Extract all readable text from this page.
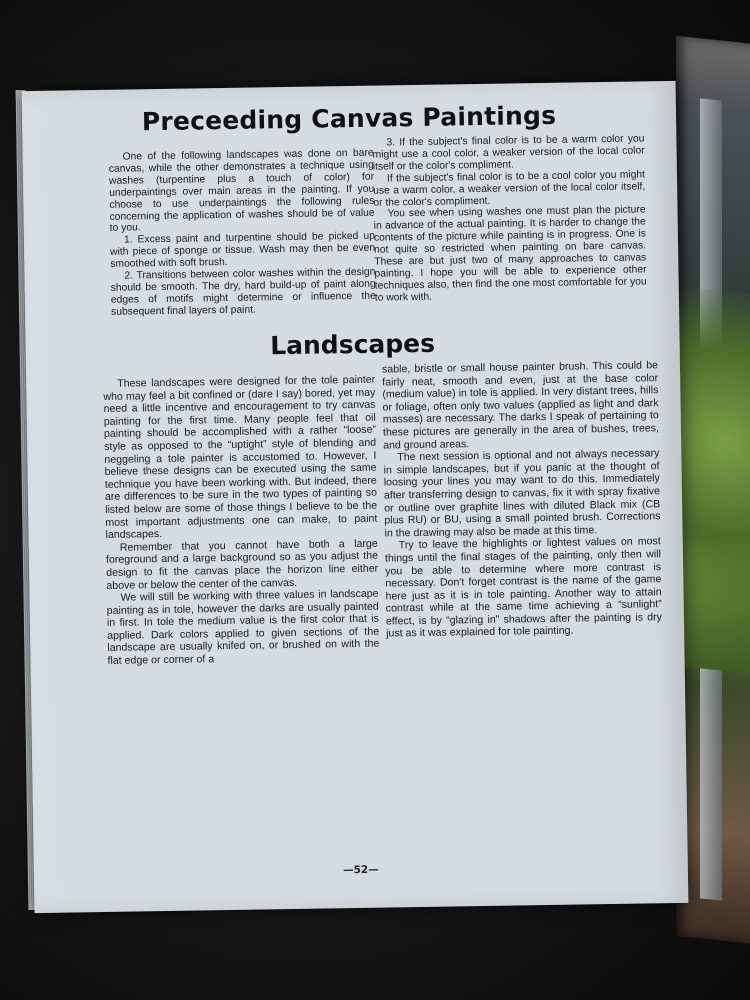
Preceeding Canvas Paintings

One of the following landscapes was done on bare canvas, while the other demonstrates a technique using washes (turpentine plus a touch of color) for underpaintings over main areas in the painting. If you choose to use underpaintings the following rules concerning the application of washes should be of value to you.

1. Excess paint and turpentine should be picked up with piece of sponge or tissue. Wash may then be even smoothed with soft brush.

2. Transitions between color washes within the design should be smooth. The dry, hard build-up of paint along edges of motifs might determine or influence the subsequent final layers of paint.

3. If the subject's final color is to be a warm color you might use a cool color, a weaker version of the local color itself or the color's compliment.

If the subject's final color is to be a cool color you might use a warm color, a weaker version of the local color itself, or the color's compliment.

You see when using washes one must plan the picture in advance of the actual painting. It is harder to change the contents of the picture while painting is in progress. One is not quite so restricted when painting on bare canvas. These are but just two of many approaches to canvas painting. I hope you will be able to experience other techniques also, then find the one most comfortable for you to work with.

Landscapes

These landscapes were designed for the tole painter who may feel a bit confined or (dare I say) bored, yet may need a little incentive and encouragement to try canvas painting for the first time. Many people feel that oil painting should be accomplished with a rather “loose” style as opposed to the “uptight” style of blending and neggeling a tole painter is accustomed to. However, I believe these designs can be executed using the same technique you have been working with. But indeed, there are differences to be sure in the two types of painting so listed below are some of those things I believe to be the most important adjustments one can make, to paint landscapes.

Remember that you cannot have both a large foreground and a large background so as you adjust the design to fit the canvas place the horizon line either above or below the center of the canvas.

We will still be working with three values in landscape painting as in tole, however the darks are usually painted in first. In tole the medium value is the first color that is applied. Dark colors applied to given sections of the landscape are usually knifed on, or brushed on with the flat edge or corner of a

sable, bristle or small house painter brush. This could be fairly neat, smooth and even, just at the base color (medium value) in tole is applied. In very distant trees, hills or foliage, often only two values (applied as light and dark masses) are necessary. The darks I speak of pertaining to these pictures are generally in the area of bushes, trees, and ground areas.

The next session is optional and not always necessary in simple landscapes, but if you panic at the thought of loosing your lines you may want to do this. Immediately after transferring design to canvas, fix it with spray fixative or outline over graphite lines with diluted Black mix (CB plus RU) or BU, using a small pointed brush. Corrections in the drawing may also be made at this time.

Try to leave the highlights or lightest values on most things until the final stages of the painting, only then will you be able to determine where more contrast is necessary. Don't forget contrast is the name of the game here just as it is in tole painting. Another way to attain contrast while at the same time achieving a “sunlight” effect, is by “glazing in” shadows after the painting is dry just as it was explained for tole painting.

—52—
